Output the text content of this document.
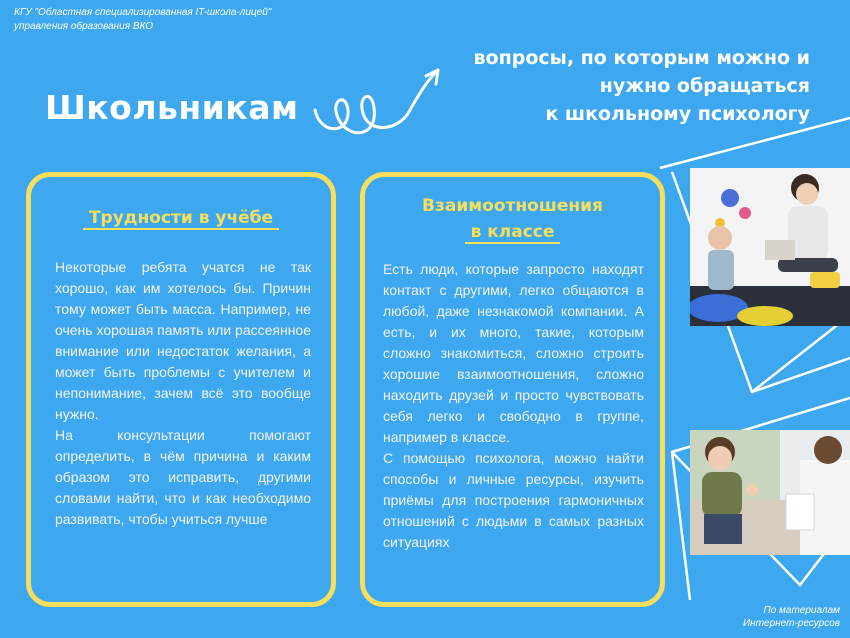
КГУ "Областная специализированная IT-школа-лицей"
управления образования ВКО
Школьникам
вопросы, по которым можно и
нужно обращаться
к школьному психологу
Трудности в учёбе

Некоторые ребята учатся не так хорошо, как им хотелось бы. Причин тому может быть масса. Например, не очень хорошая память или рассеянное внимание или недостаток желания, а может быть проблемы с учителем и непонимание, зачем всё это вообще нужно.

На консультации помогают определить, в чём причина и каким образом это исправить, другими словами найти, что и как необходимо развивать, чтобы учиться лучше

Взаимоотношения
в классе

Есть люди, которые запросто находят контакт с другими, легко общаются в любой, даже незнакомой компании. А есть, и их много, такие, которым сложно знакомиться, сложно строить хорошие взаимоотношения, сложно находить друзей и просто чувствовать себя легко и свободно в группе, например в классе.

С помощью психолога, можно найти способы и личные ресурсы, изучить приёмы для построения гармоничных отношений с людьми в самых разных ситуациях

По материалам
Интернет-ресурсов
